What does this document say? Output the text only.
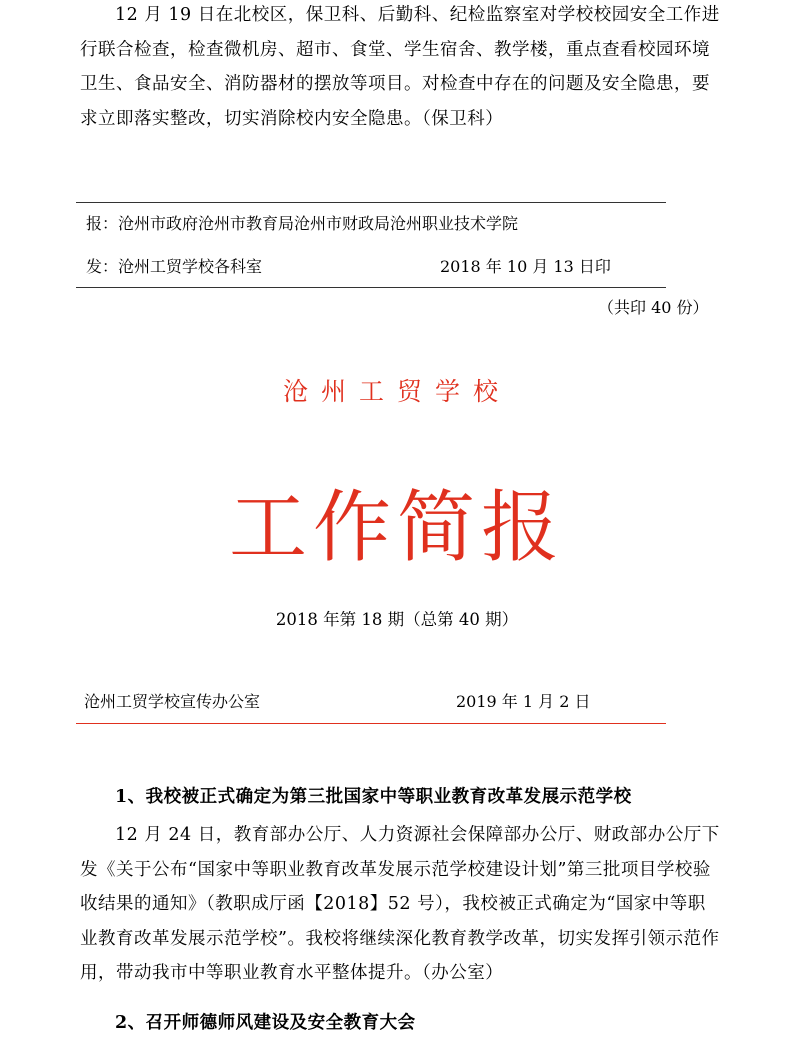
12 月 19 日在北校区，保卫科、后勤科、纪检监察室对学校校园安全工作进行联合检查，检查微机房、超市、食堂、学生宿舍、教学楼，重点查看校园环境卫生、食品安全、消防器材的摆放等项目。对检查中存在的问题及安全隐患，要求立即落实整改，切实消除校内安全隐患。（保卫科）

报：沧州市政府沧州市教育局沧州市财政局沧州职业技术学院
发：沧州工贸学校各科室	2018 年 10 月 13 日印
（共印 40 份）
沧州工贸学校
工作简报
2018 年第 18 期（总第 40 期）
沧州工贸学校宣传办公室	2019 年 1 月 2 日

1、我校被正式确定为第三批国家中等职业教育改革发展示范学校

12 月 24 日，教育部办公厅、人力资源社会保障部办公厅、财政部办公厅下发《关于公布“国家中等职业教育改革发展示范学校建设计划”第三批项目学校验收结果的通知》（教职成厅函【2018】52 号），我校被正式确定为“国家中等职业教育改革发展示范学校”。我校将继续深化教育教学改革，切实发挥引领示范作用，带动我市中等职业教育水平整体提升。（办公室）

2、召开师德师风建设及安全教育大会
